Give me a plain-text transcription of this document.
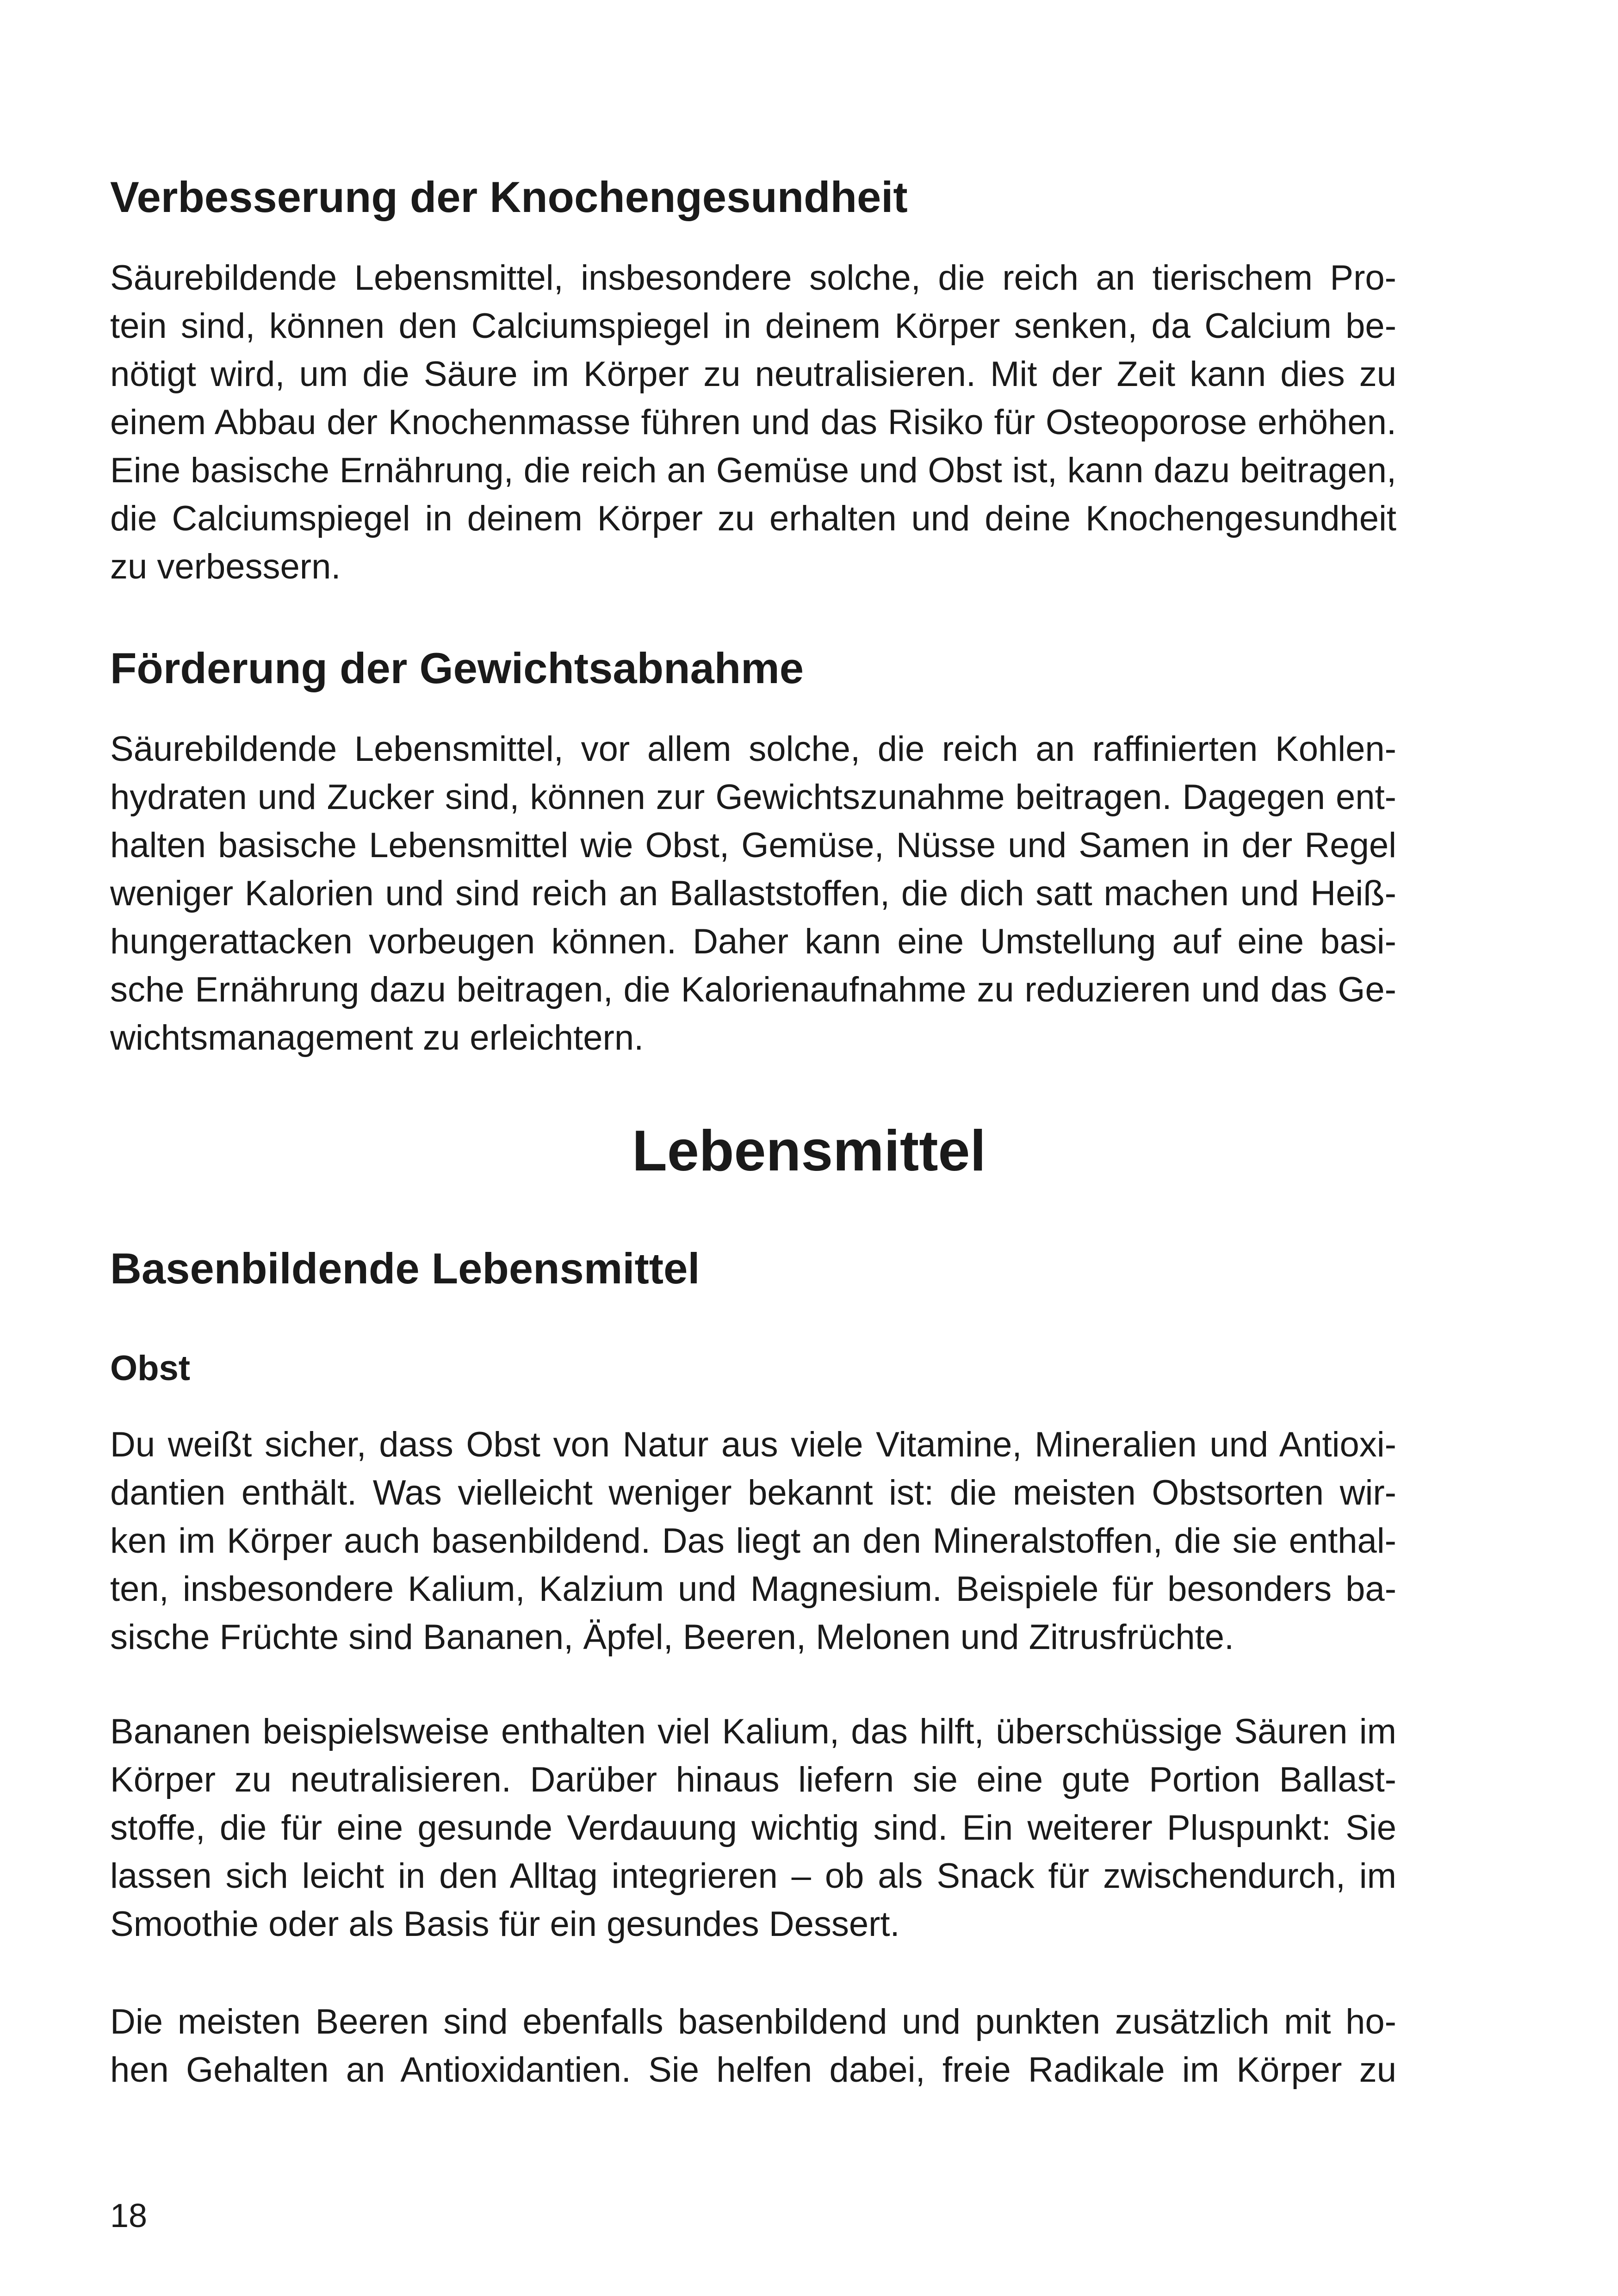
Verbesserung der Knochengesundheit
Säurebildende Lebensmittel, insbesondere solche, die reich an tierischem Pro-
tein sind, können den Calciumspiegel in deinem Körper senken, da Calcium be-
nötigt wird, um die Säure im Körper zu neutralisieren. Mit der Zeit kann dies zu
einem Abbau der Knochenmasse führen und das Risiko für Osteoporose erhöhen.
Eine basische Ernährung, die reich an Gemüse und Obst ist, kann dazu beitragen,
die Calciumspiegel in deinem Körper zu erhalten und deine Knochengesundheit
zu verbessern.
Förderung der Gewichtsabnahme
Säurebildende Lebensmittel, vor allem solche, die reich an raffinierten Kohlen-
hydraten und Zucker sind, können zur Gewichtszunahme beitragen. Dagegen ent-
halten basische Lebensmittel wie Obst, Gemüse, Nüsse und Samen in der Regel
weniger Kalorien und sind reich an Ballaststoffen, die dich satt machen und Heiß-
hungerattacken vorbeugen können. Daher kann eine Umstellung auf eine basi-
sche Ernährung dazu beitragen, die Kalorienaufnahme zu reduzieren und das Ge-
wichtsmanagement zu erleichtern.
Lebensmittel
Basenbildende Lebensmittel
Obst
Du weißt sicher, dass Obst von Natur aus viele Vitamine, Mineralien und Antioxi-
dantien enthält. Was vielleicht weniger bekannt ist: die meisten Obstsorten wir-
ken im Körper auch basenbildend. Das liegt an den Mineralstoffen, die sie enthal-
ten, insbesondere Kalium, Kalzium und Magnesium. Beispiele für besonders ba-
sische Früchte sind Bananen, Äpfel, Beeren, Melonen und Zitrusfrüchte.
Bananen beispielsweise enthalten viel Kalium, das hilft, überschüssige Säuren im
Körper zu neutralisieren. Darüber hinaus liefern sie eine gute Portion Ballast-
stoffe, die für eine gesunde Verdauung wichtig sind. Ein weiterer Pluspunkt: Sie
lassen sich leicht in den Alltag integrieren – ob als Snack für zwischendurch, im
Smoothie oder als Basis für ein gesundes Dessert.
Die meisten Beeren sind ebenfalls basenbildend und punkten zusätzlich mit ho-
hen Gehalten an Antioxidantien. Sie helfen dabei, freie Radikale im Körper zu

18
